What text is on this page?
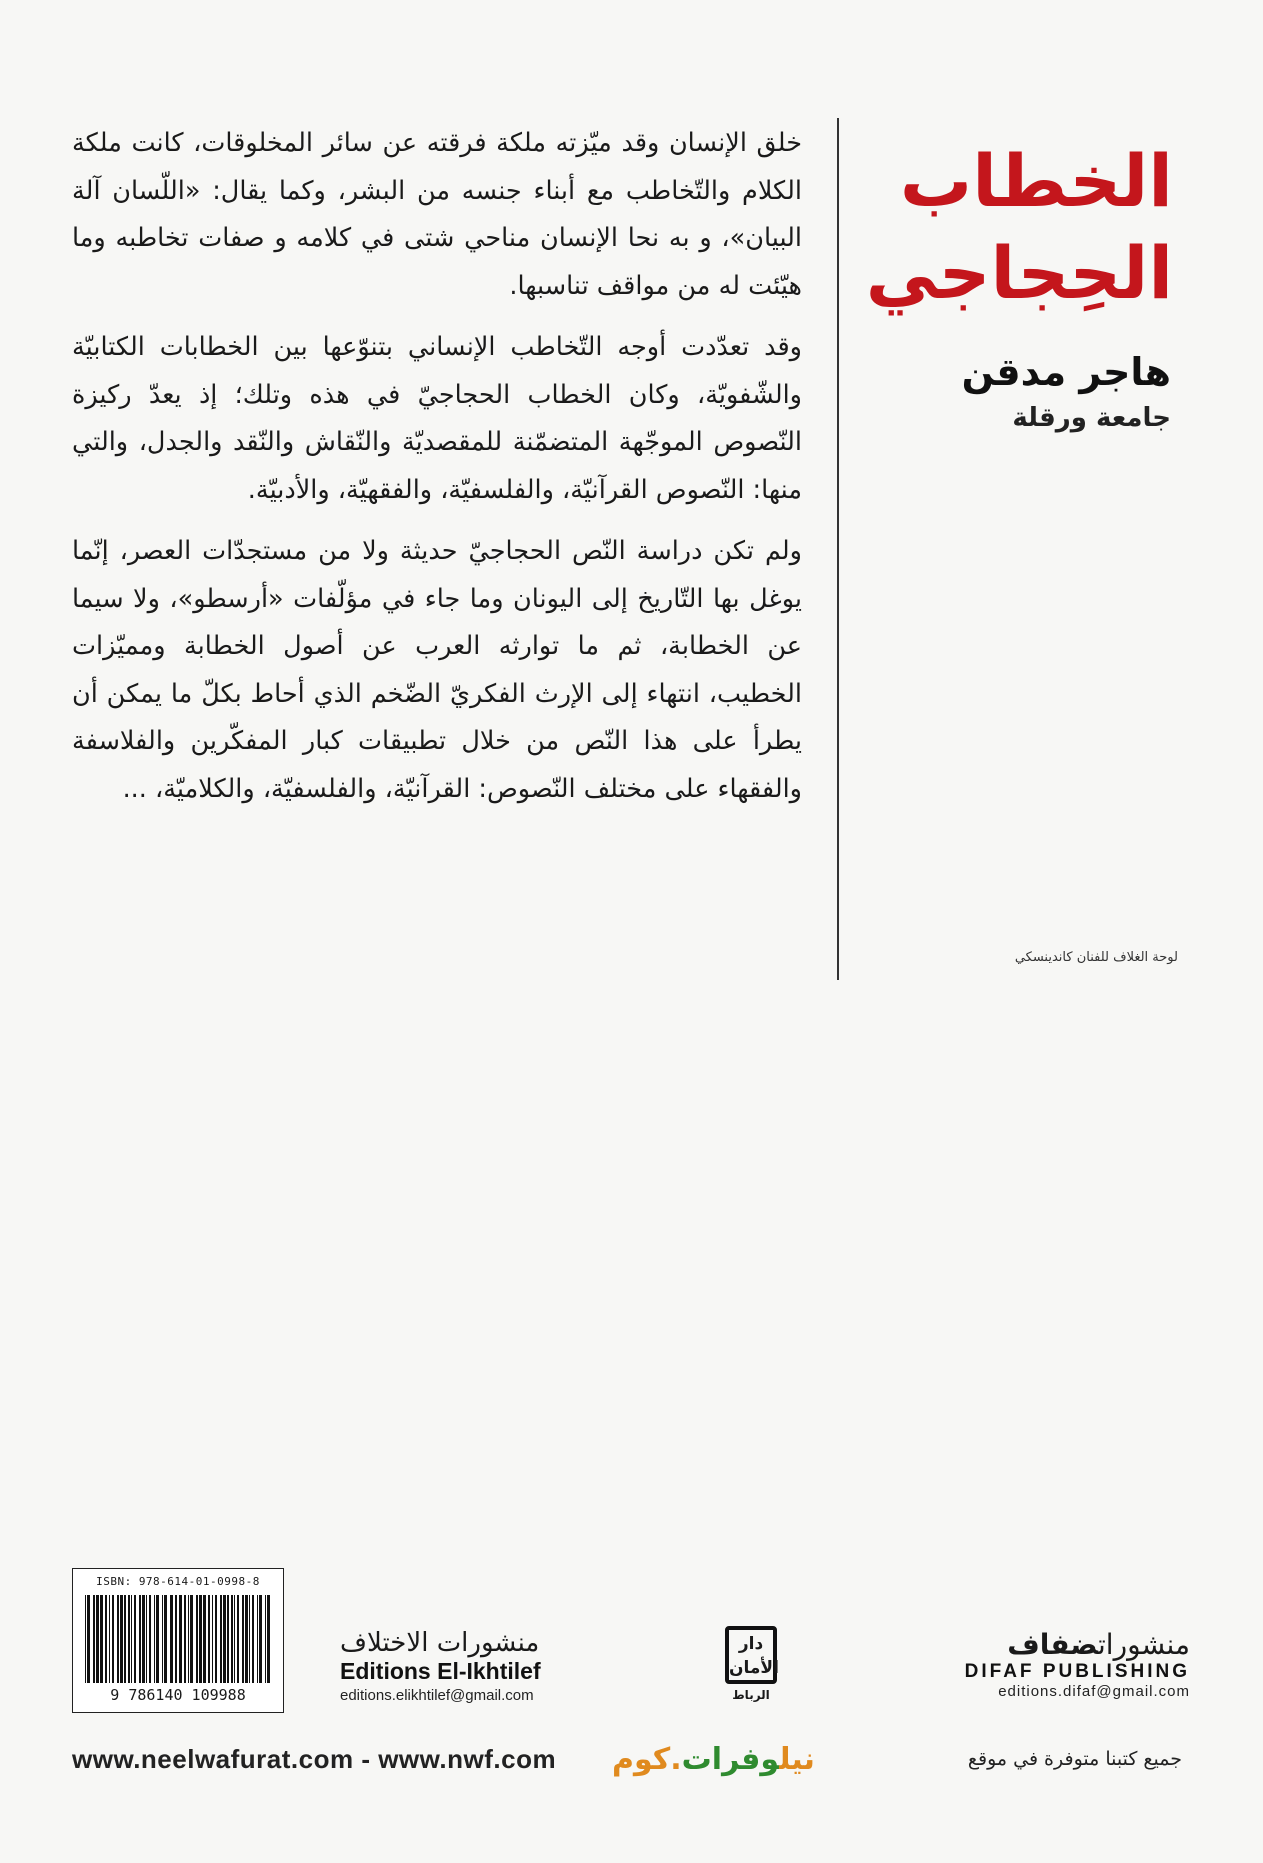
الخطاب
الحِجاجي
هاجر مدقن
جامعة ورقلة
لوحة الغلاف للفنان كاندينسكي

خلق الإنسان وقد ميّزته ملكة فرقته عن سائر المخلوقات، كانت ملكة الكلام والتّخاطب مع أبناء جنسه من البشر، وكما يقال: «اللّسان آلة البيان»، و به نحا الإنسان مناحي شتى في كلامه و صفات تخاطبه وما هيّئت له من مواقف تناسبها.

وقد تعدّدت أوجه التّخاطب الإنساني بتنوّعها بين الخطابات الكتابيّة والشّفويّة، وكان الخطاب الحجاجيّ في هذه وتلك؛ إذ يعدّ ركيزة النّصوص الموجّهة المتضمّنة للمقصديّة والنّقاش والنّقد والجدل، والتي منها: النّصوص القرآنيّة، والفلسفيّة، والفقهيّة، والأدبيّة.

ولم تكن دراسة النّص الحجاجيّ حديثة ولا من مستجدّات العصر، إنّما يوغل بها التّاريخ إلى اليونان وما جاء في مؤلّفات «أرسطو»، ولا سيما عن الخطابة، ثم ما توارثه العرب عن أصول الخطابة ومميّزات الخطيب، انتهاء إلى الإرث الفكريّ الضّخم الذي أحاط بكلّ ما يمكن أن يطرأ على هذا النّص من خلال تطبيقات كبار المفكّرين والفلاسفة والفقهاء على مختلف النّصوص: القرآنيّة، والفلسفيّة، والكلاميّة، ...

ISBN: 978-614-01-0998-8
9 786140 109988
منشورات الاختلاف
Editions El-Ikhtilef
editions.elikhtilef@gmail.com
دار الأمان
الرباط
منشوراتضفاف
DIFAF PUBLISHING
editions.difaf@gmail.com
www.neelwafurat.com - www.nwf.com	نيلوفرات.كوم	جميع كتبنا متوفرة في موقع
